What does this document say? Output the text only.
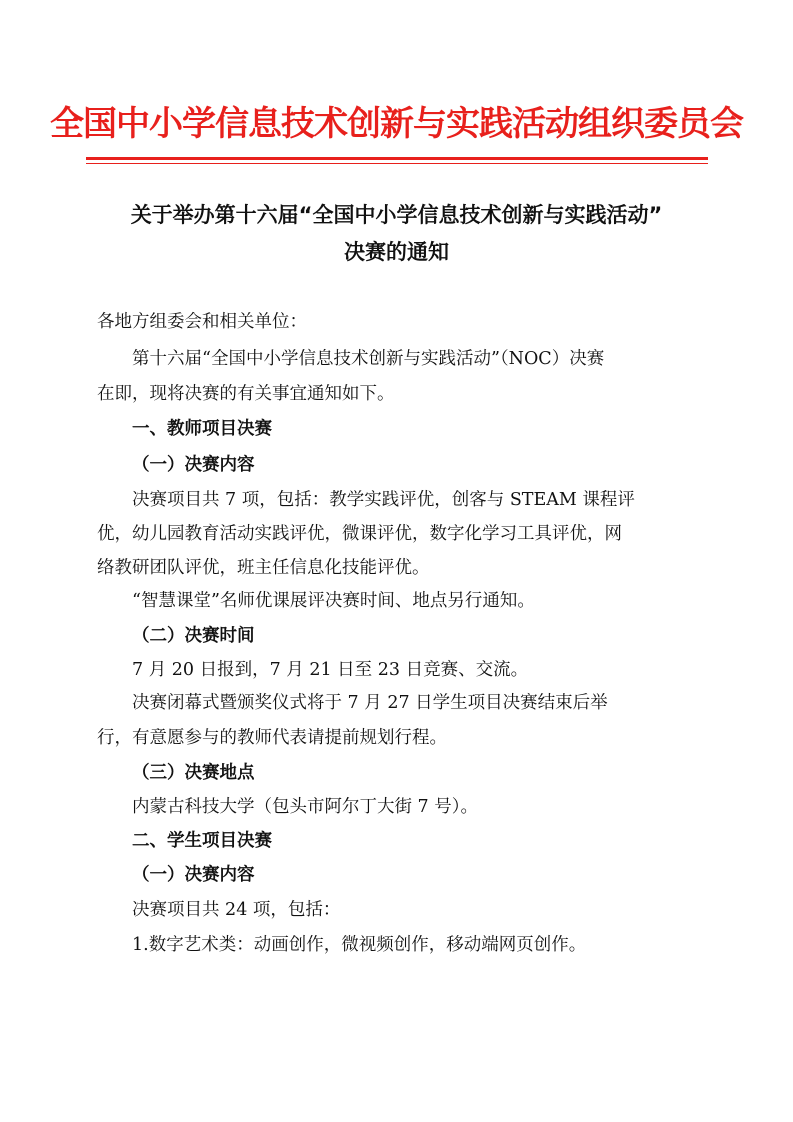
全国中小学信息技术创新与实践活动组织委员会
关于举办第十六届“全国中小学信息技术创新与实践活动”
决赛的通知
各地方组委会和相关单位：
第十六届“全国中小学信息技术创新与实践活动”（NOC）决赛
在即，现将决赛的有关事宜通知如下。
一、教师项目决赛
（一）决赛内容
决赛项目共 7 项，包括：教学实践评优，创客与 STEAM 课程评
优，幼儿园教育活动实践评优，微课评优，数字化学习工具评优，网
络教研团队评优，班主任信息化技能评优。
“智慧课堂”名师优课展评决赛时间、地点另行通知。
（二）决赛时间
7 月 20 日报到，7 月 21 日至 23 日竞赛、交流。
决赛闭幕式暨颁奖仪式将于 7 月 27 日学生项目决赛结束后举
行，有意愿参与的教师代表请提前规划行程。
（三）决赛地点
内蒙古科技大学（包头市阿尔丁大街 7 号）。
二、学生项目决赛
（一）决赛内容
决赛项目共 24 项，包括：
1.数字艺术类：动画创作，微视频创作，移动端网页创作。
